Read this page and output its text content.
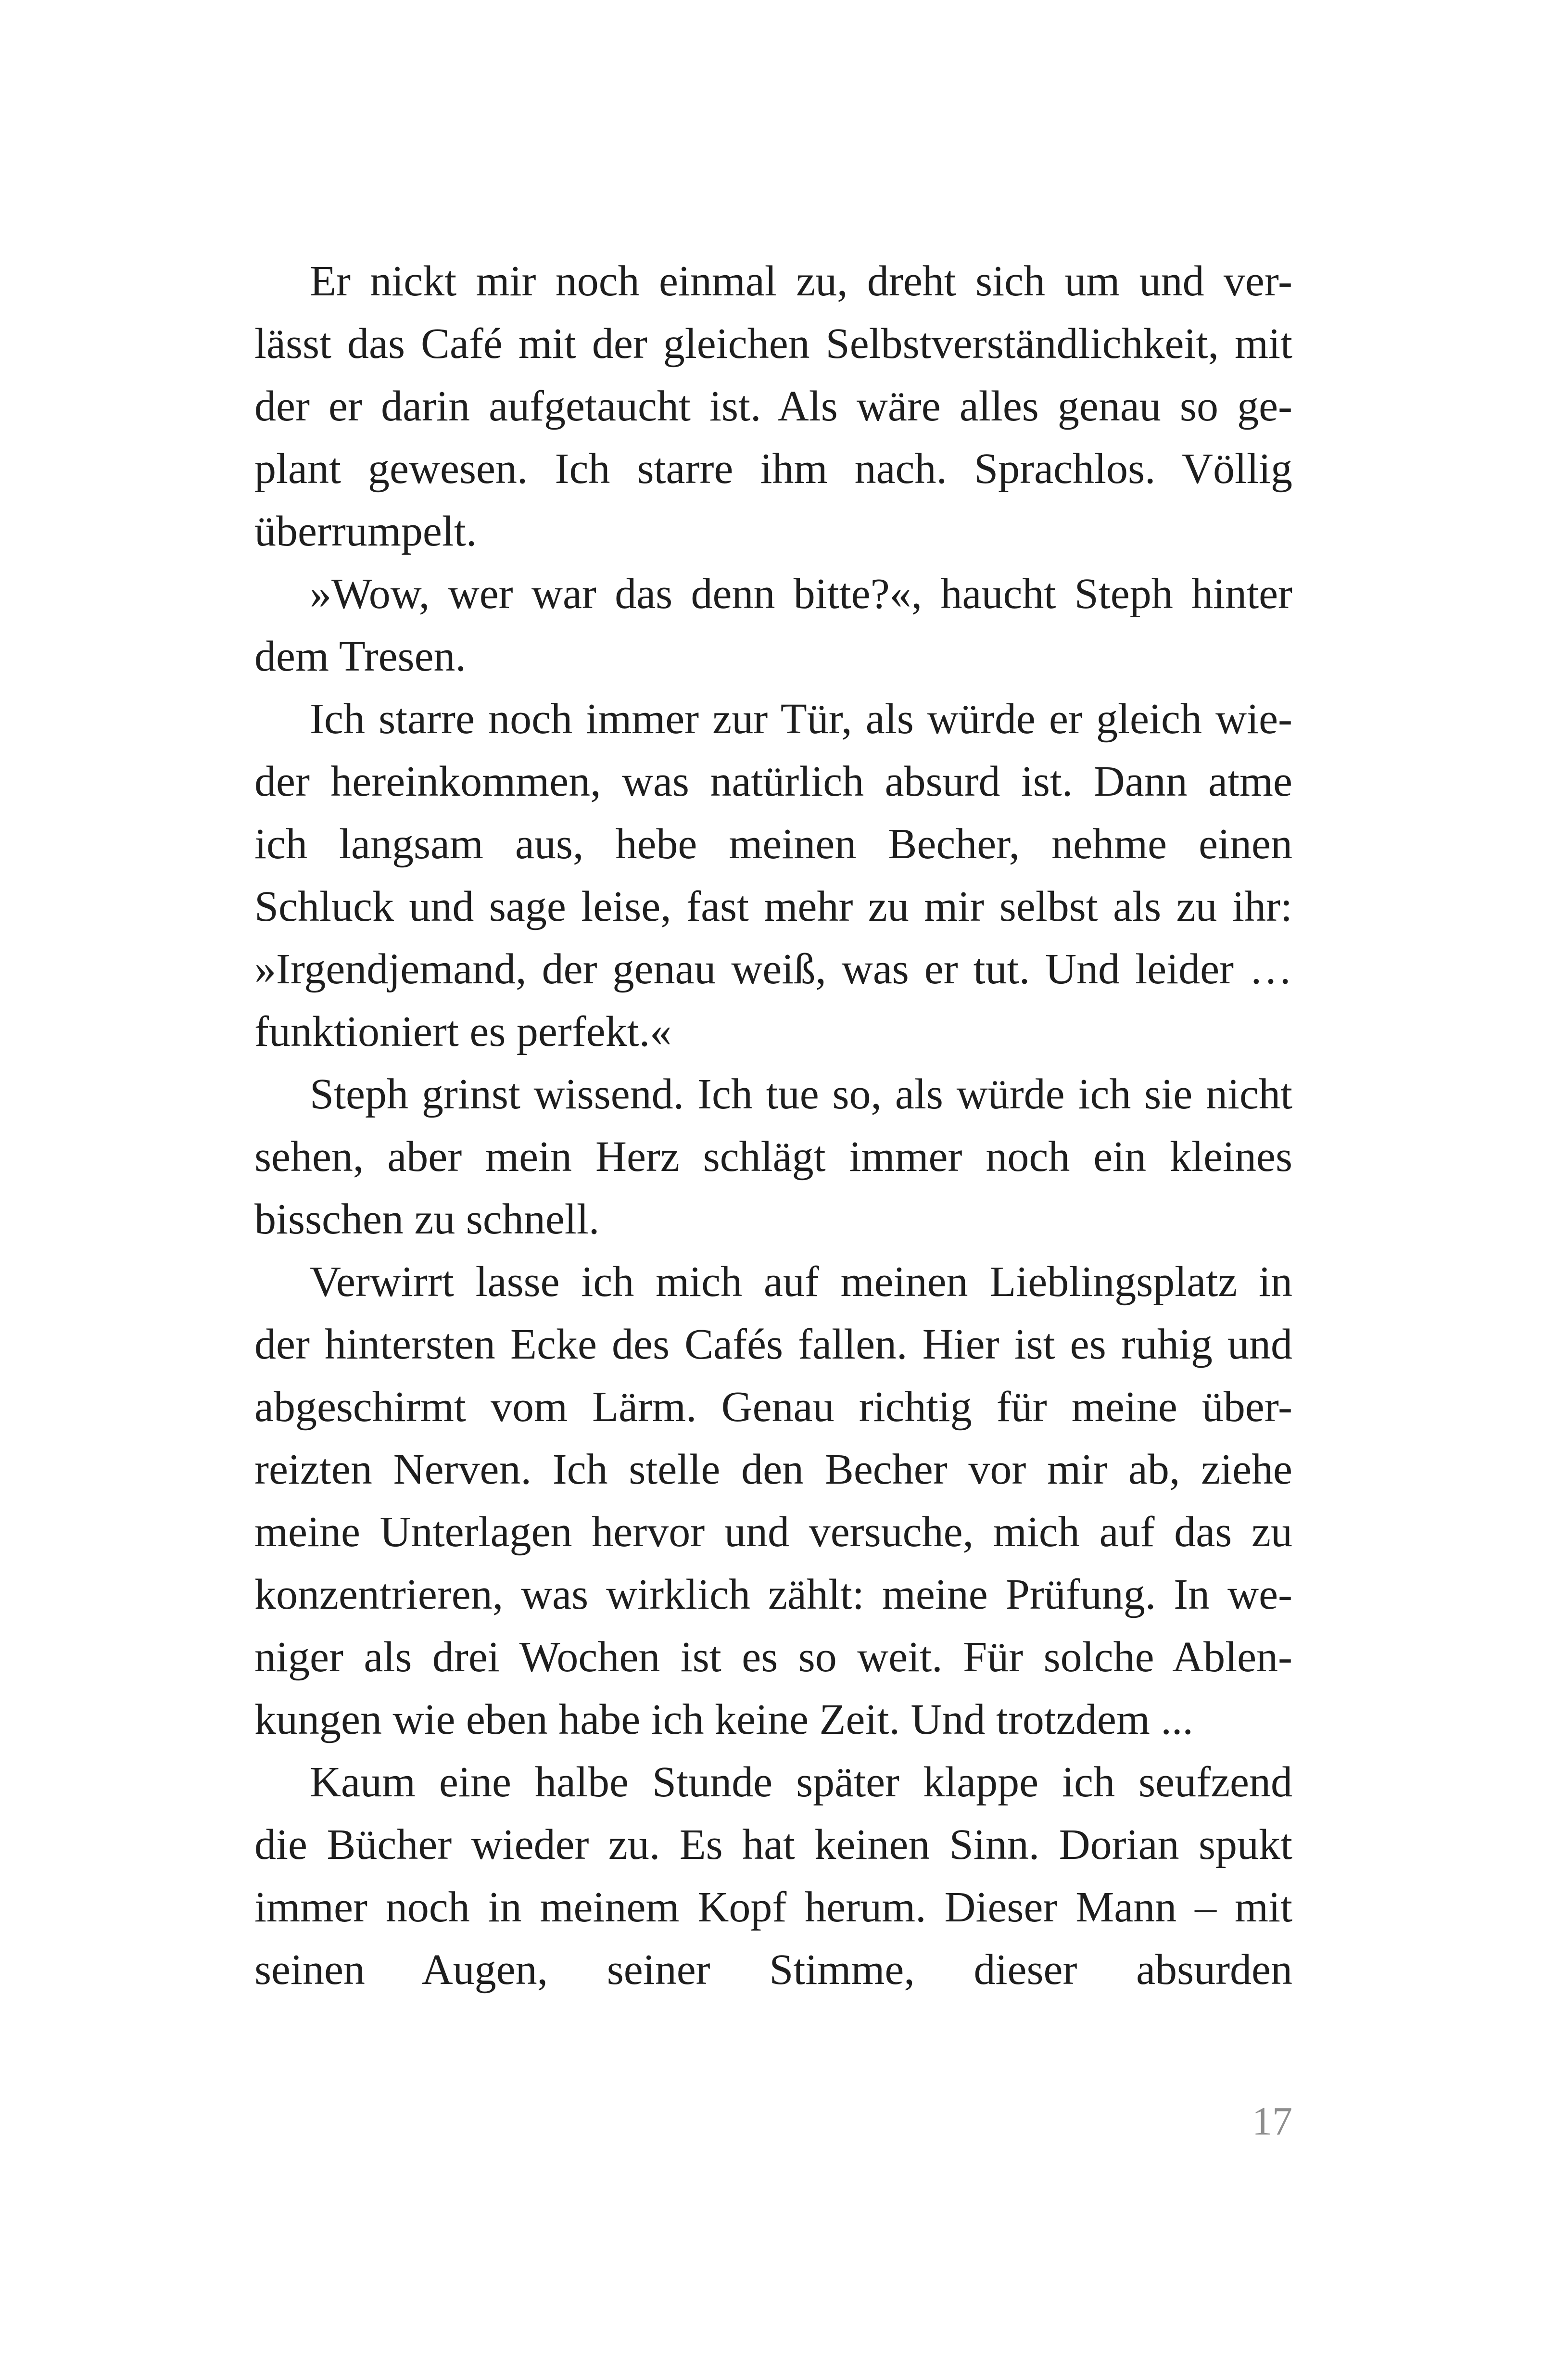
Er nickt mir noch einmal zu, dreht sich um und ver-
lässt das Café mit der gleichen Selbstverständlichkeit, mit
der er darin aufgetaucht ist. Als wäre alles genau so ge-
plant gewesen. Ich starre ihm nach. Sprachlos. Völlig
überrumpelt.
»Wow, wer war das denn bitte?«, haucht Steph hinter
dem Tresen.
Ich starre noch immer zur Tür, als würde er gleich wie-
der hereinkommen, was natürlich absurd ist. Dann atme
ich langsam aus, hebe meinen Becher, nehme einen
Schluck und sage leise, fast mehr zu mir selbst als zu ihr:
»Irgendjemand, der genau weiß, was er tut. Und leider …
funktioniert es perfekt.«
Steph grinst wissend. Ich tue so, als würde ich sie nicht
sehen, aber mein Herz schlägt immer noch ein kleines
bisschen zu schnell.
Verwirrt lasse ich mich auf meinen Lieblingsplatz in
der hintersten Ecke des Cafés fallen. Hier ist es ruhig und
abgeschirmt vom Lärm. Genau richtig für meine über-
reizten Nerven. Ich stelle den Becher vor mir ab, ziehe
meine Unterlagen hervor und versuche, mich auf das zu
konzentrieren, was wirklich zählt: meine Prüfung. In we-
niger als drei Wochen ist es so weit. Für solche Ablen-
kungen wie eben habe ich keine Zeit. Und trotzdem ...
Kaum eine halbe Stunde später klappe ich seufzend
die Bücher wieder zu. Es hat keinen Sinn. Dorian spukt
immer noch in meinem Kopf herum. Dieser Mann – mit
seinen Augen, seiner Stimme, dieser absurden
17
